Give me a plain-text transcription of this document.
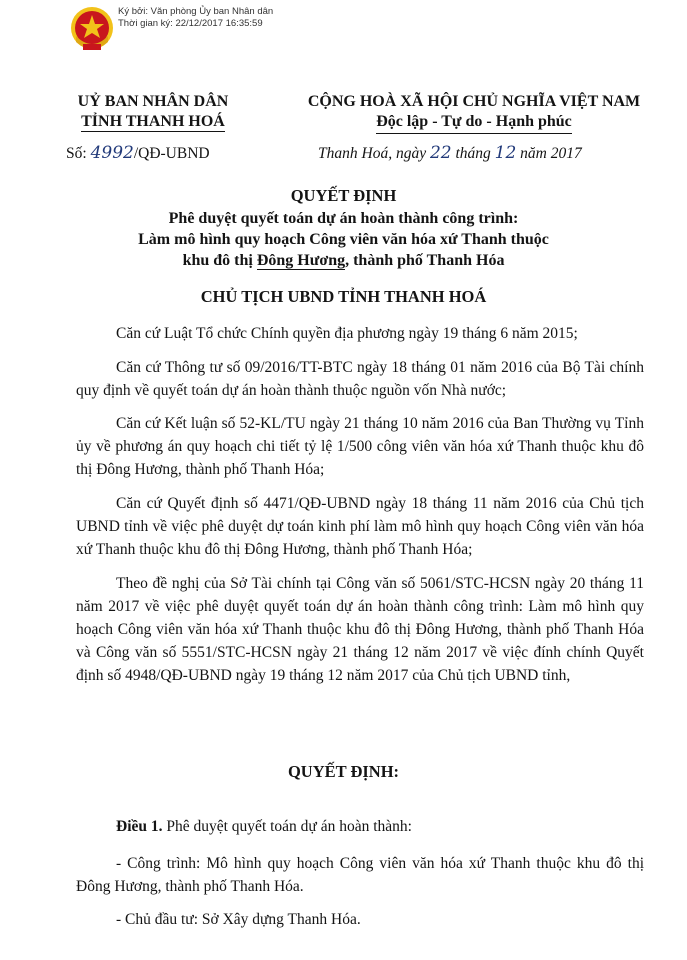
Ký bởi: Văn phòng Ủy ban Nhân dân
Thời gian ký: 22/12/2017 16:35:59
UỶ BAN NHÂN DÂN
TỈNH THANH HOÁ
CỘNG HOÀ XÃ HỘI CHỦ NGHĨA VIỆT NAM
Độc lập - Tự do - Hạnh phúc
Số: 4992/QĐ-UBND	Thanh Hoá, ngày 22 tháng 12 năm 2017
QUYẾT ĐỊNH
Phê duyệt quyết toán dự án hoàn thành công trình:
Làm mô hình quy hoạch Công viên văn hóa xứ Thanh thuộc
khu đô thị Đông Hương, thành phố Thanh Hóa
CHỦ TỊCH UBND TỈNH THANH HOÁ
Căn cứ Luật Tổ chức Chính quyền địa phương ngày 19 tháng 6 năm 2015;
Căn cứ Thông tư số 09/2016/TT-BTC ngày 18 tháng 01 năm 2016 của Bộ Tài chính quy định về quyết toán dự án hoàn thành thuộc nguồn vốn Nhà nước;
Căn cứ Kết luận số 52-KL/TU ngày 21 tháng 10 năm 2016 của Ban Thường vụ Tỉnh ủy về phương án quy hoạch chi tiết tỷ lệ 1/500 công viên văn hóa xứ Thanh thuộc khu đô thị Đông Hương, thành phố Thanh Hóa;
Căn cứ Quyết định số 4471/QĐ-UBND ngày 18 tháng 11 năm 2016 của Chủ tịch UBND tỉnh về việc phê duyệt dự toán kinh phí làm mô hình quy hoạch Công viên văn hóa xứ Thanh thuộc khu đô thị Đông Hương, thành phố Thanh Hóa;
Theo đề nghị của Sở Tài chính tại Công văn số 5061/STC-HCSN ngày 20 tháng 11 năm 2017 về việc phê duyệt quyết toán dự án hoàn thành công trình: Làm mô hình quy hoạch Công viên văn hóa xứ Thanh thuộc khu đô thị Đông Hương, thành phố Thanh Hóa và Công văn số 5551/STC-HCSN ngày 21 tháng 12 năm 2017 về việc đính chính Quyết định số 4948/QĐ-UBND ngày 19 tháng 12 năm 2017 của Chủ tịch UBND tỉnh,
QUYẾT ĐỊNH:
Điều 1. Phê duyệt quyết toán dự án hoàn thành:
- Công trình: Mô hình quy hoạch Công viên văn hóa xứ Thanh thuộc khu đô thị Đông Hương, thành phố Thanh Hóa.
- Chủ đầu tư: Sở Xây dựng Thanh Hóa.
